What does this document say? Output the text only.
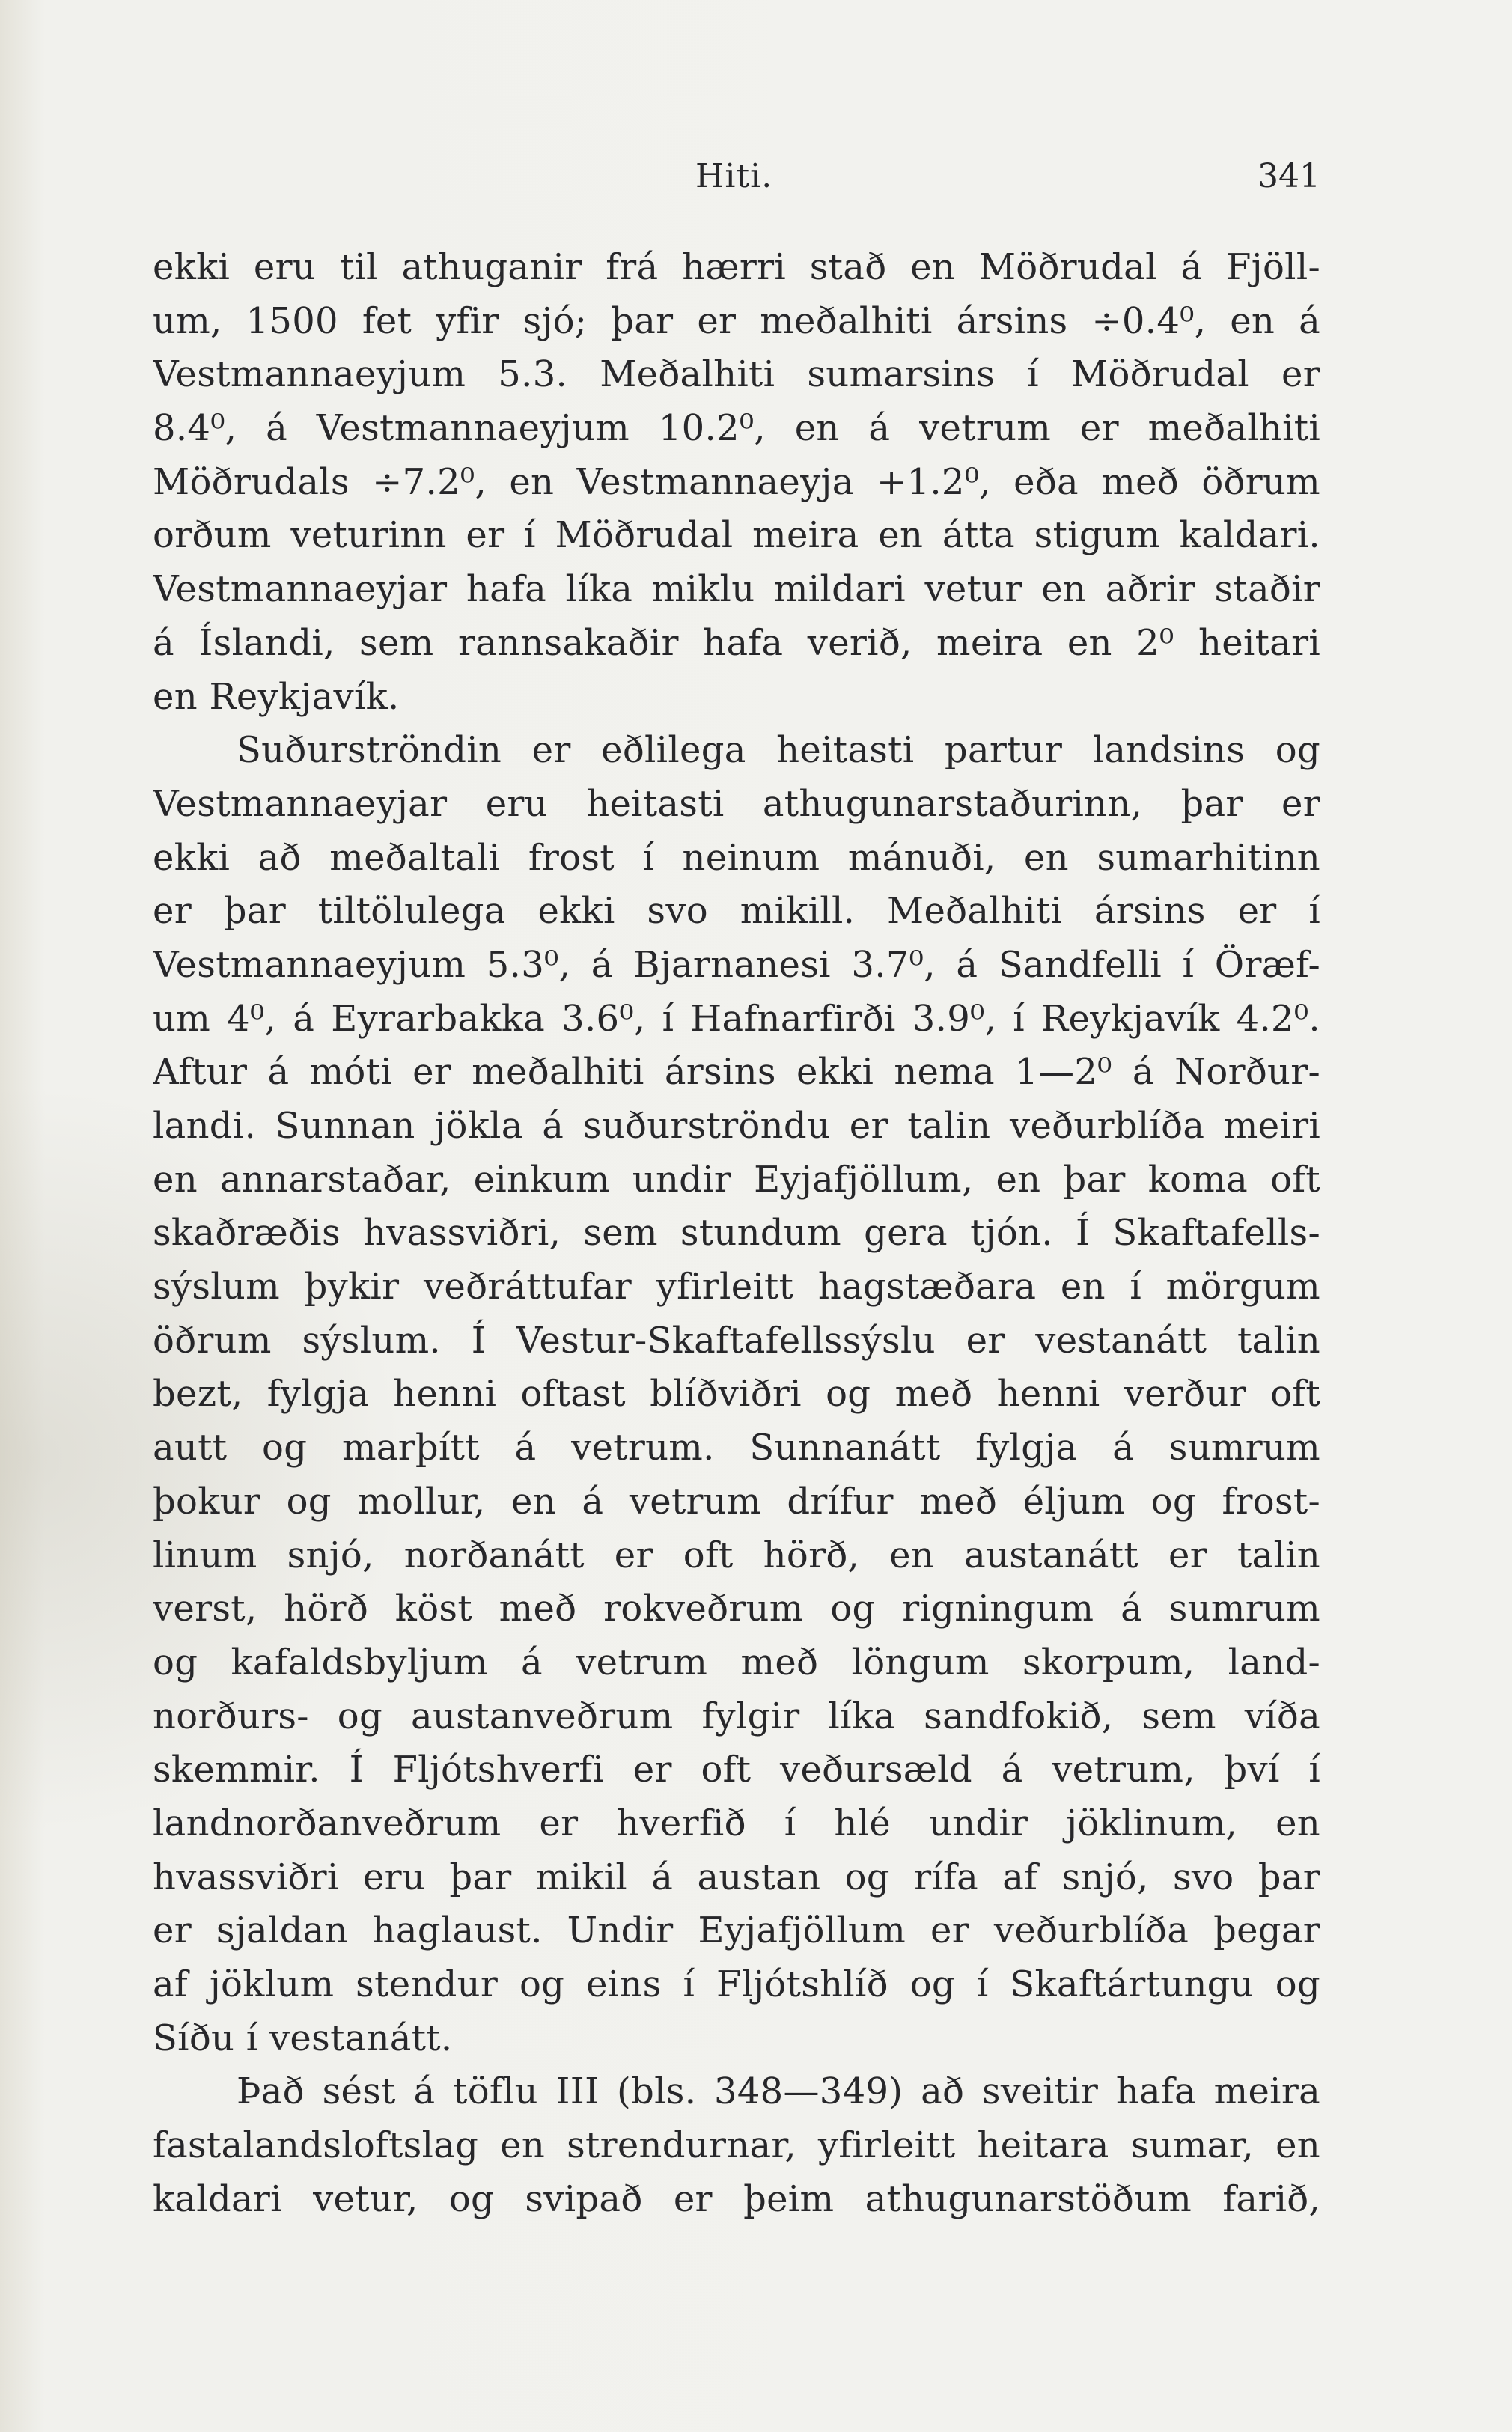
Hiti.	341
ekki eru til athuganir frá hærri stað en Möðrudal á Fjöll-
um, 1500 fet yfir sjó; þar er meðalhiti ársins ÷0.4⁰, en á
Vestmannaeyjum 5.3. Meðalhiti sumarsins í Möðrudal er
8.4⁰, á Vestmannaeyjum 10.2⁰, en á vetrum er meðalhiti
Möðrudals ÷7.2⁰, en Vestmannaeyja +1.2⁰, eða með öðrum
orðum veturinn er í Möðrudal meira en átta stigum kaldari.
Vestmannaeyjar hafa líka miklu mildari vetur en aðrir staðir
á Íslandi, sem rannsakaðir hafa verið, meira en 2⁰ heitari
en Reykjavík.
Suðurströndin er eðlilega heitasti partur landsins og
Vestmannaeyjar eru heitasti athugunarstaðurinn, þar er
ekki að meðaltali frost í neinum mánuði, en sumarhitinn
er þar tiltölulega ekki svo mikill. Meðalhiti ársins er í
Vestmannaeyjum 5.3⁰, á Bjarnanesi 3.7⁰, á Sandfelli í Öræf-
um 4⁰, á Eyrarbakka 3.6⁰, í Hafnarfirði 3.9⁰, í Reykjavík 4.2⁰.
Aftur á móti er meðalhiti ársins ekki nema 1—2⁰ á Norður-
landi. Sunnan jökla á suðurströndu er talin veðurblíða meiri
en annarstaðar, einkum undir Eyjafjöllum, en þar koma oft
skaðræðis hvassviðri, sem stundum gera tjón. Í Skaftafells-
sýslum þykir veðráttufar yfirleitt hagstæðara en í mörgum
öðrum sýslum. Í Vestur-Skaftafellssýslu er vestanátt talin
bezt, fylgja henni oftast blíðviðri og með henni verður oft
autt og marþítt á vetrum. Sunnanátt fylgja á sumrum
þokur og mollur, en á vetrum drífur með éljum og frost-
linum snjó, norðanátt er oft hörð, en austanátt er talin
verst, hörð köst með rokveðrum og rigningum á sumrum
og kafaldsbyljum á vetrum með löngum skorpum, land-
norðurs- og austanveðrum fylgir líka sandfokið, sem víða
skemmir. Í Fljótshverfi er oft veðursæld á vetrum, því í
landnorðanveðrum er hverfið í hlé undir jöklinum, en
hvassviðri eru þar mikil á austan og rífa af snjó, svo þar
er sjaldan haglaust. Undir Eyjafjöllum er veðurblíða þegar
af jöklum stendur og eins í Fljótshlíð og í Skaftártungu og
Síðu í vestanátt.
Það sést á töflu III (bls. 348—349) að sveitir hafa meira
fastalandsloftslag en strendurnar, yfirleitt heitara sumar, en
kaldari vetur, og svipað er þeim athugunarstöðum farið,
